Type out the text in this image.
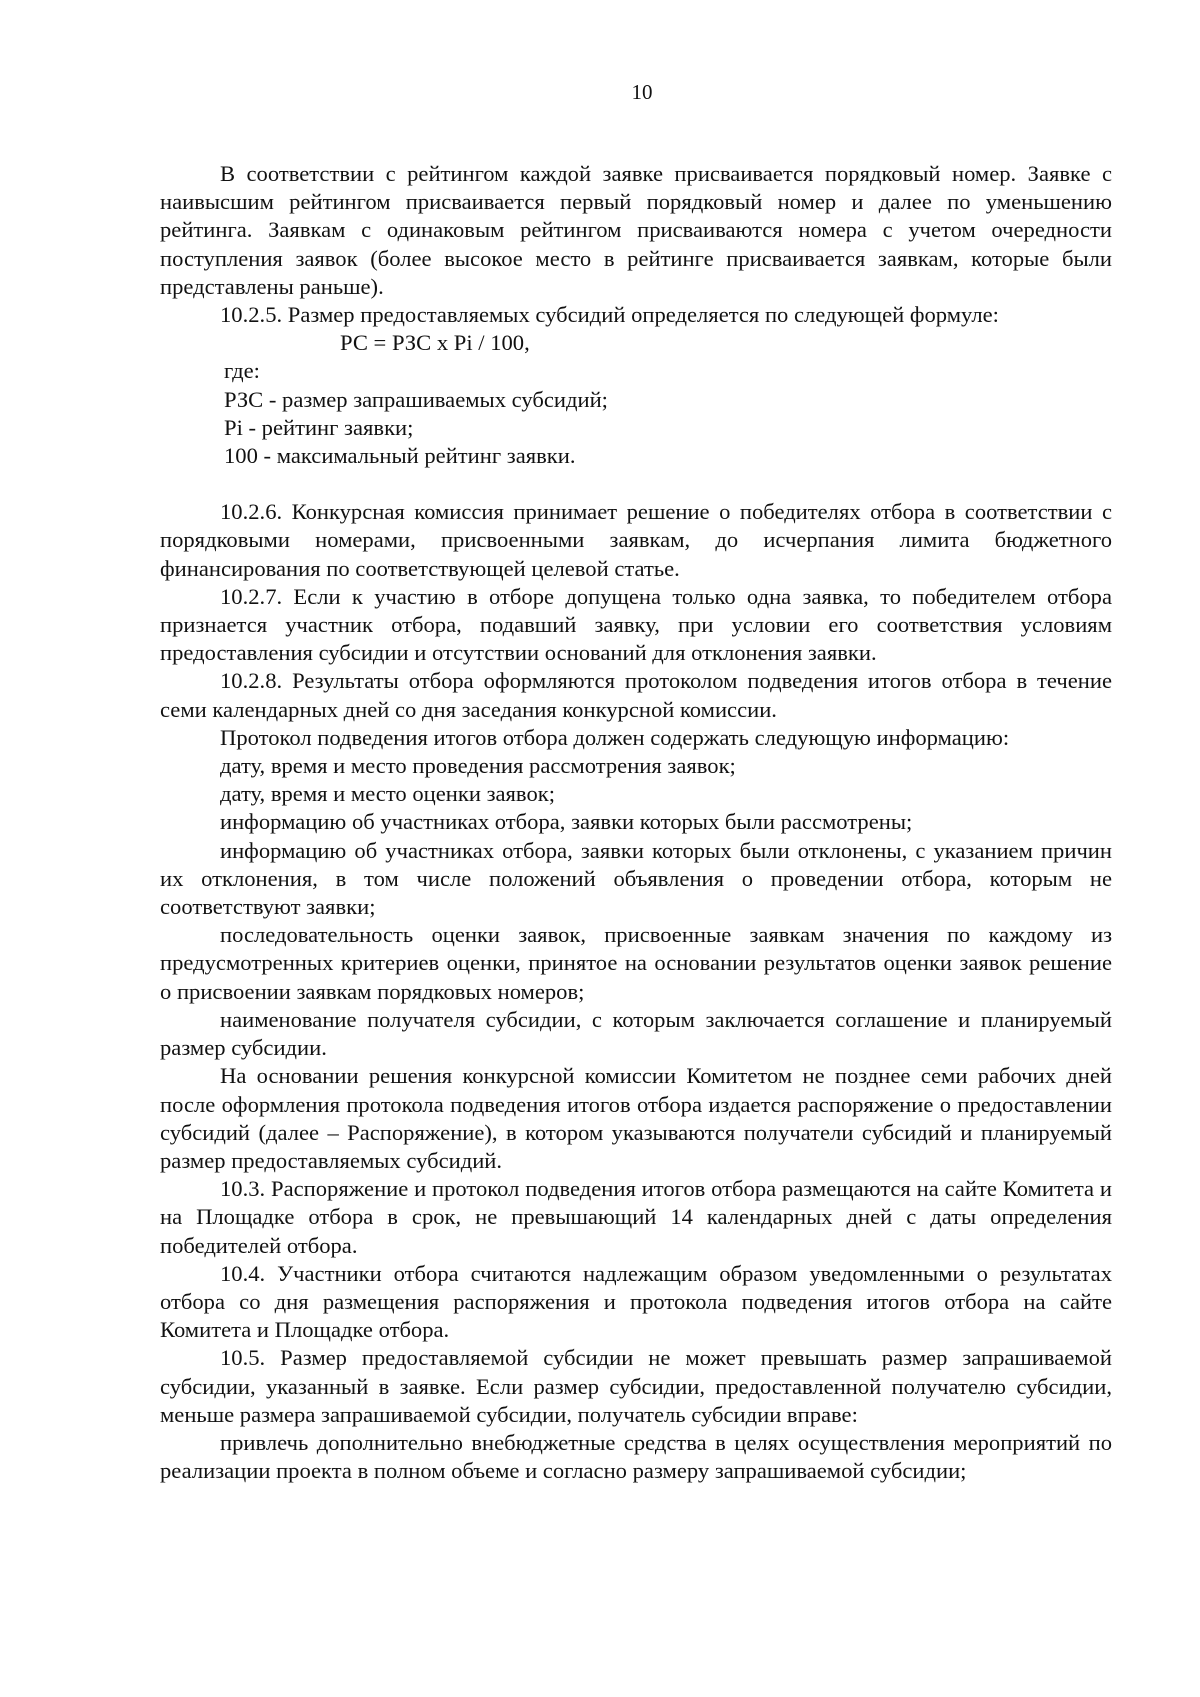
10

В соответствии с рейтингом каждой заявке присваивается порядковый номер. Заявке с наивысшим рейтингом присваивается первый порядковый номер и далее по уменьшению рейтинга. Заявкам с одинаковым рейтингом присваиваются номера с учетом очередности поступления заявок (более высокое место в рейтинге присваивается заявкам, которые были представлены раньше).

10.2.5. Размер предоставляемых субсидий определяется по следующей формуле:

РС = РЗС x Pi / 100,

где:

РЗС - размер запрашиваемых субсидий;

Pi - рейтинг заявки;

100 - максимальный рейтинг заявки.

10.2.6. Конкурсная комиссия принимает решение о победителях отбора в соответствии с порядковыми номерами, присвоенными заявкам, до исчерпания лимита бюджетного финансирования по соответствующей целевой статье.

10.2.7. Если к участию в отборе допущена только одна заявка, то победителем отбора признается участник отбора, подавший заявку, при условии его соответствия условиям предоставления субсидии и отсутствии оснований для отклонения заявки.

10.2.8. Результаты отбора оформляются протоколом подведения итогов отбора в течение семи календарных дней со дня заседания конкурсной комиссии.

Протокол подведения итогов отбора должен содержать следующую информацию:

дату, время и место проведения рассмотрения заявок;

дату, время и место оценки заявок;

информацию об участниках отбора, заявки которых были рассмотрены;

информацию об участниках отбора, заявки которых были отклонены, с указанием причин их отклонения, в том числе положений объявления о проведении отбора, которым не соответствуют заявки;

последовательность оценки заявок, присвоенные заявкам значения по каждому из предусмотренных критериев оценки, принятое на основании результатов оценки заявок решение о присвоении заявкам порядковых номеров;

наименование получателя субсидии, с которым заключается соглашение и планируемый размер субсидии.

На основании решения конкурсной комиссии Комитетом не позднее семи рабочих дней после оформления протокола подведения итогов отбора издается распоряжение о предоставлении субсидий (далее – Распоряжение), в котором указываются получатели субсидий и планируемый размер предоставляемых субсидий.

10.3. Распоряжение и протокол подведения итогов отбора размещаются на сайте Комитета и на Площадке отбора в срок, не превышающий 14 календарных дней с даты определения победителей отбора.

10.4. Участники отбора считаются надлежащим образом уведомленными о результатах отбора со дня размещения распоряжения и протокола подведения итогов отбора на сайте Комитета и Площадке отбора.

10.5. Размер предоставляемой субсидии не может превышать размер запрашиваемой субсидии, указанный в заявке. Если размер субсидии, предоставленной получателю субсидии, меньше размера запрашиваемой субсидии, получатель субсидии вправе:

привлечь дополнительно внебюджетные средства в целях осуществления мероприятий по реализации проекта в полном объеме и согласно размеру запрашиваемой субсидии;
